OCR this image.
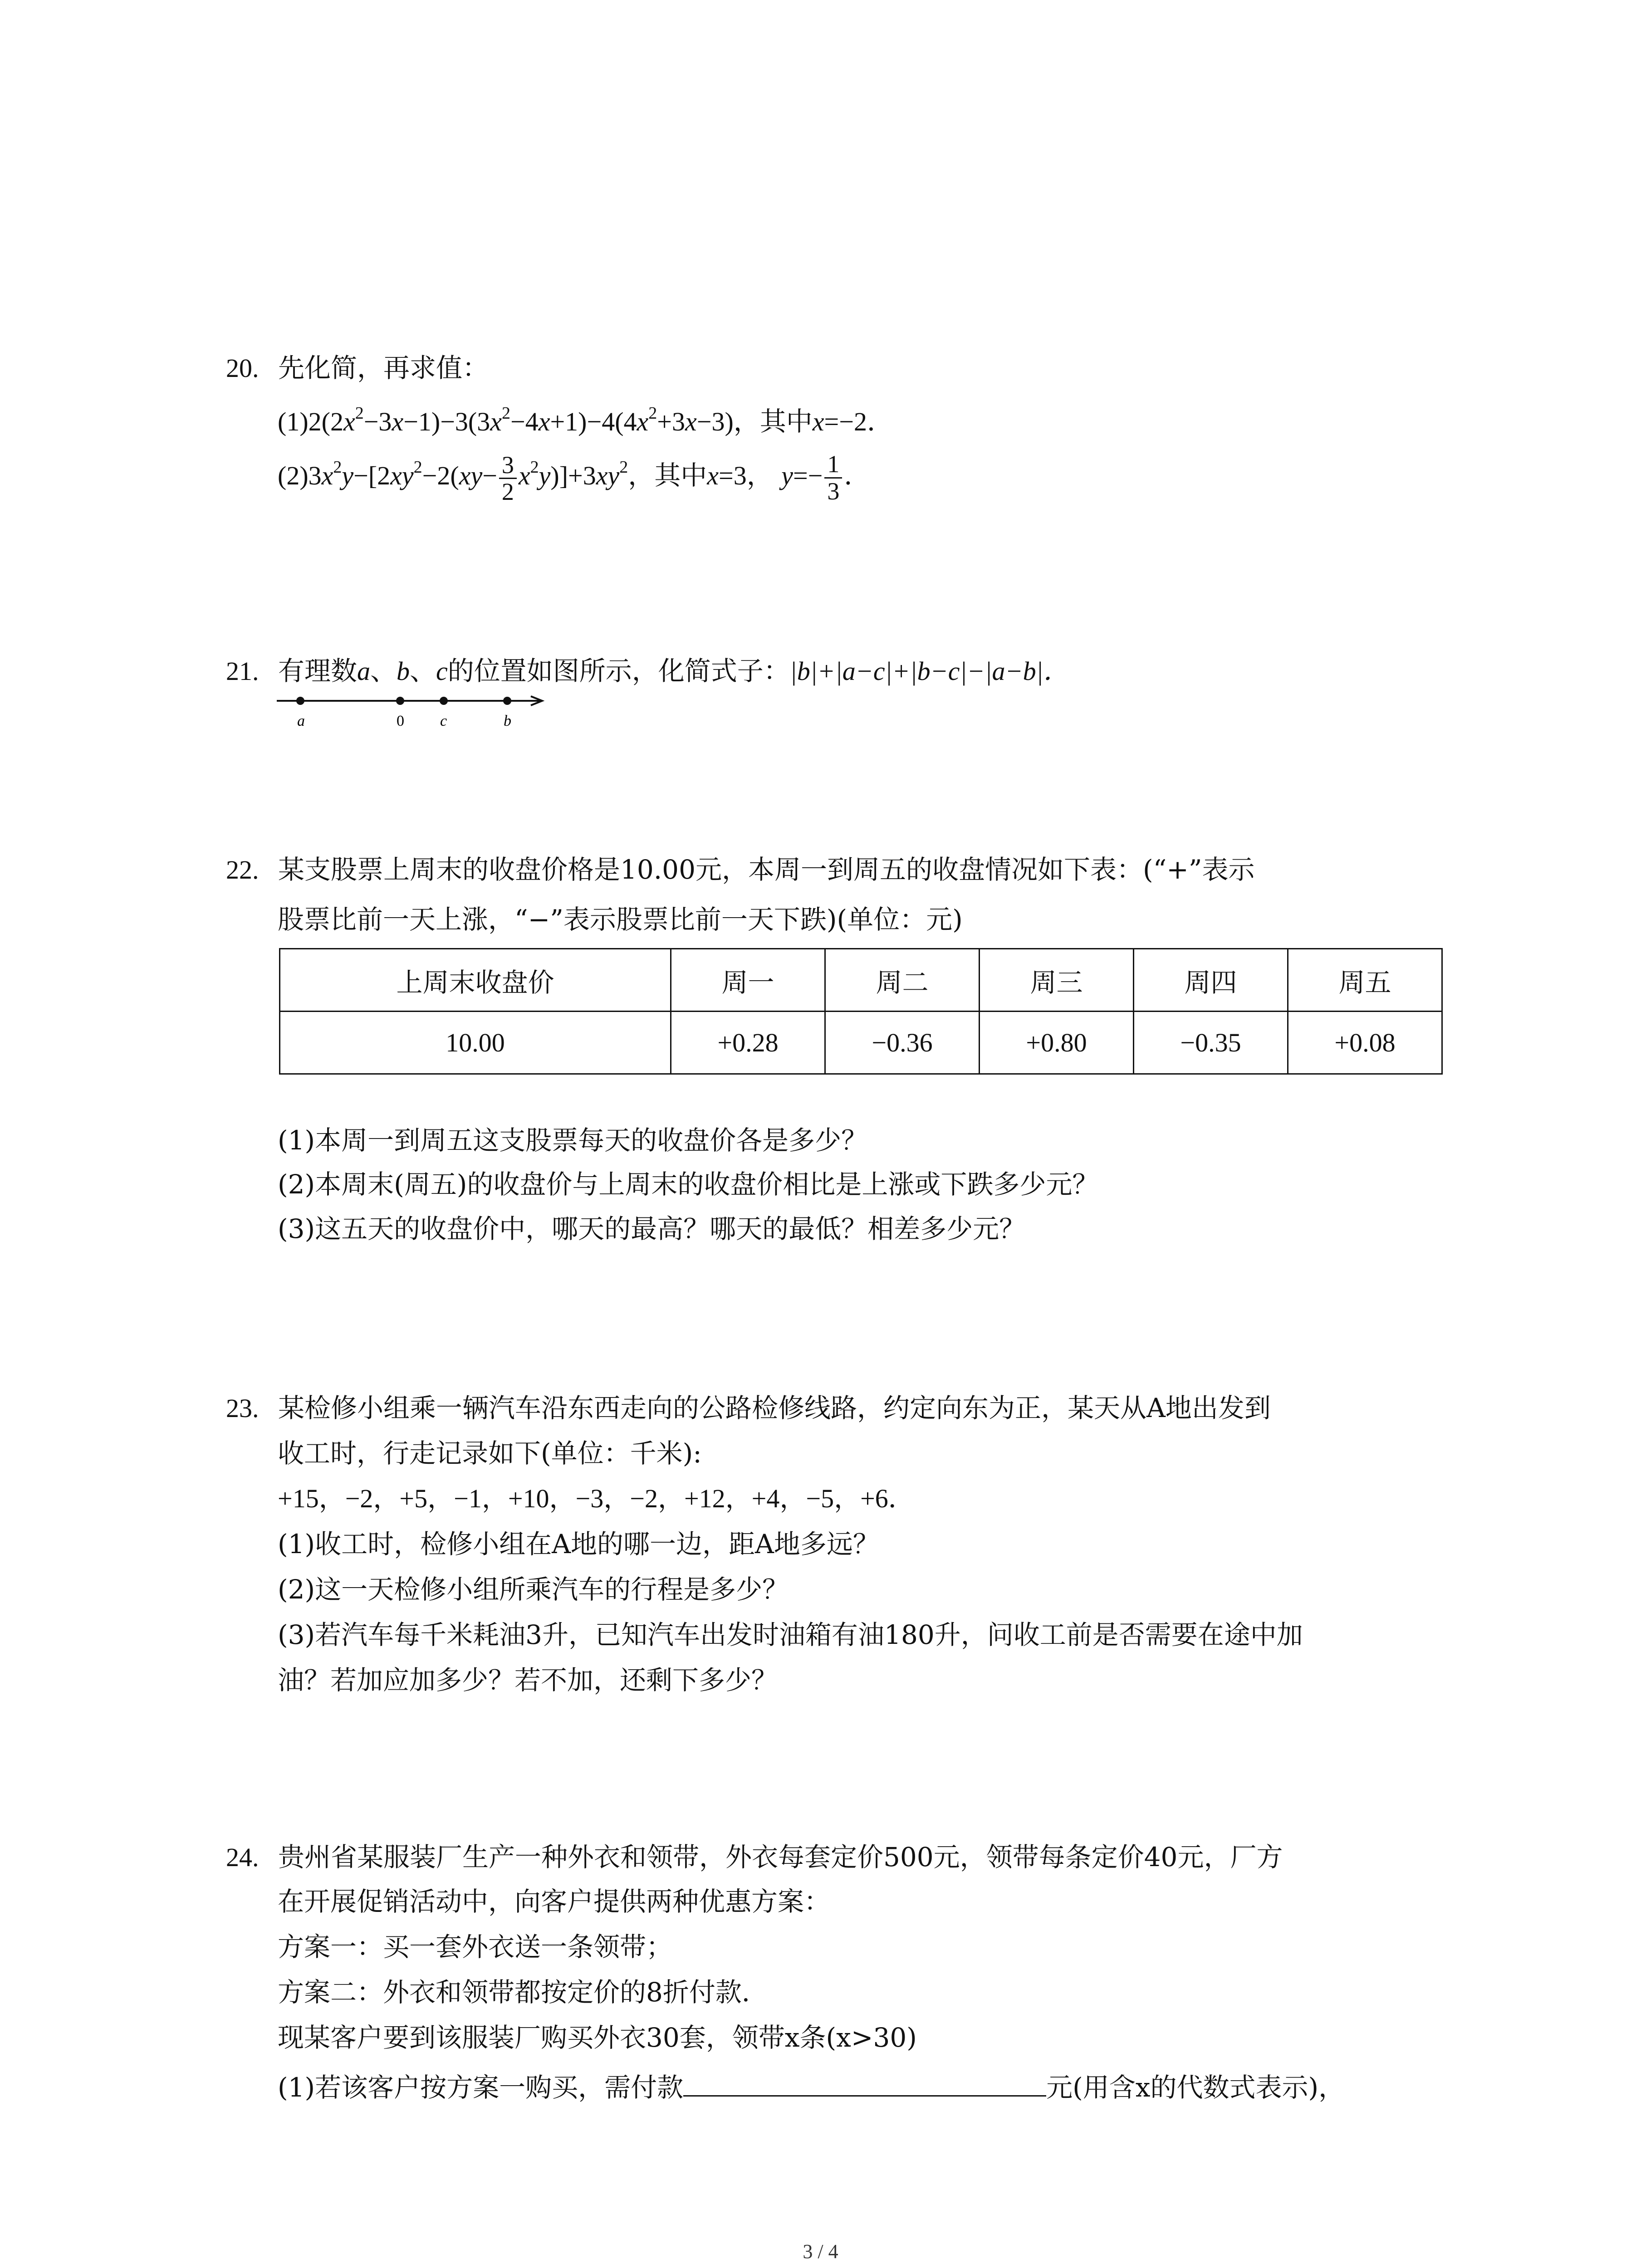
20. 先化简，再求值：
$(1)2(2x^2-3x-1)-3(3x^2-4x+1)-4(4x^2+3x-3)$，其中x=−2．
$(2)3x^2y-[2xy^2-2(xy- \frac{3}{2} x^2y)]+3xy^2$，其中x=3， $y=- \frac{1}{3}$ ．
21. 有理数a、b、c的位置如图所示，化简式子：|b|+|a−c|+|b−c|−|a−b|．
a	0 c	b
22. 某支股票上周末的收盘价格是10.00元，本周一到周五的收盘情况如下表：(“+”表示
股票比前一天上涨，“−”表示股票比前一天下跌)(单位：元)
上周末收盘价	周一	周二	周三	周四	周五
10.00	+0.28	−0.36	+0.80	−0.35	+0.08
(1)本周一到周五这支股票每天的收盘价各是多少？
(2)本周末(周五)的收盘价与上周末的收盘价相比是上涨或下跌多少元？
(3)这五天的收盘价中，哪天的最高？哪天的最低？相差多少元？
23. 某检修小组乘一辆汽车沿东西走向的公路检修线路，约定向东为正，某天从A地出发到
收工时，行走记录如下(单位：千米):
+15，−2，+5，−1，+10，−3，−2，+12，+4，−5，+6．
(1)收工时，检修小组在A地的哪一边，距A地多远？
(2)这一天检修小组所乘汽车的行程是多少？
(3)若汽车每千米耗油3升，已知汽车出发时油箱有油180升，问收工前是否需要在途中加
油？若加应加多少？若不加，还剩下多少？
24. 贵州省某服装厂生产一种外衣和领带，外衣每套定价500元，领带每条定价40元，厂方
在开展促销活动中，向客户提供两种优惠方案：
方案一：买一套外衣送一条领带；
方案二：外衣和领带都按定价的8折付款．
现某客户要到该服装厂购买外衣30套，领带x条(x>30)
(1)若该客户按方案一购买，需付款	元(用含x的代数式表示)，
3 / 4
